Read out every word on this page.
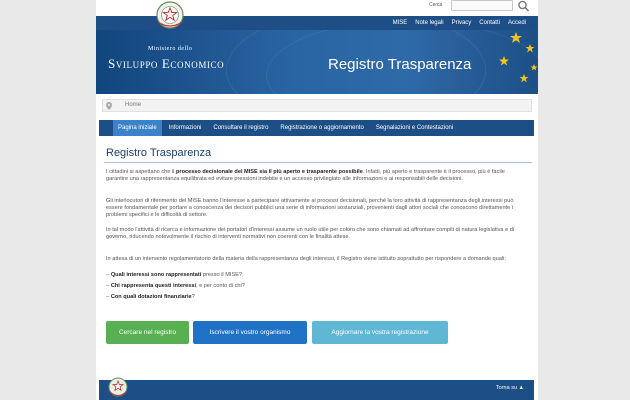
Cerca
MISE	Note legali	Privacy	Contatti	Accedi
Ministero dello
Sviluppo Economico	Registro Trasparenza
Home
Pagina iniziale	Informazioni	Consultare il registro	Registrazione o aggiornamento	Segnalazioni e Contestazioni
Registro Trasparenza
I cittadini si aspettano che il processo decisionale del MISE sia il più aperto e trasparente possibile. Infatti, più aperto e trasparente è il processo, più è facile garantire una rappresentanza equilibrata ed evitare pressioni indebite e un accesso privilegiato alle informazioni e ai responsabili delle decisioni.
Gli interlocutori di riferimento del MISE hanno l'interesse a partecipare attivamente ai processi decisionali, perché la loro attività di rappresentanza degli interessi può essere fondamentale per portare a conoscenza dei decisori pubblici una serie di informazioni sostanziali, provenienti dagli attori sociali che conoscono direttamente i problemi specifici e le difficoltà di settore.
In tal modo l'attività di ricerca e informazione dei portatori d'interessi assume un ruolo utile per coloro che sono chiamati ad affrontare compiti di natura legislativa e di governo, riducendo notevolmente il rischio di interventi normativi non coerenti con le finalità attese.
In attesa di un intervento regolamentatorio della materia della rappresentanza degli interessi, il Registro viene istituito soprattutto per rispondere a domande quali:
− Quali interessi sono rappresentati presso il MISE?
− Chi rappresenta questi interessi, e per conto di chi?
− Con quali dotazioni finanziarie?
Cercare nel registro	Iscrivere il vostro organismo	Aggiornare la vostra registrazione
Torna su ▲
